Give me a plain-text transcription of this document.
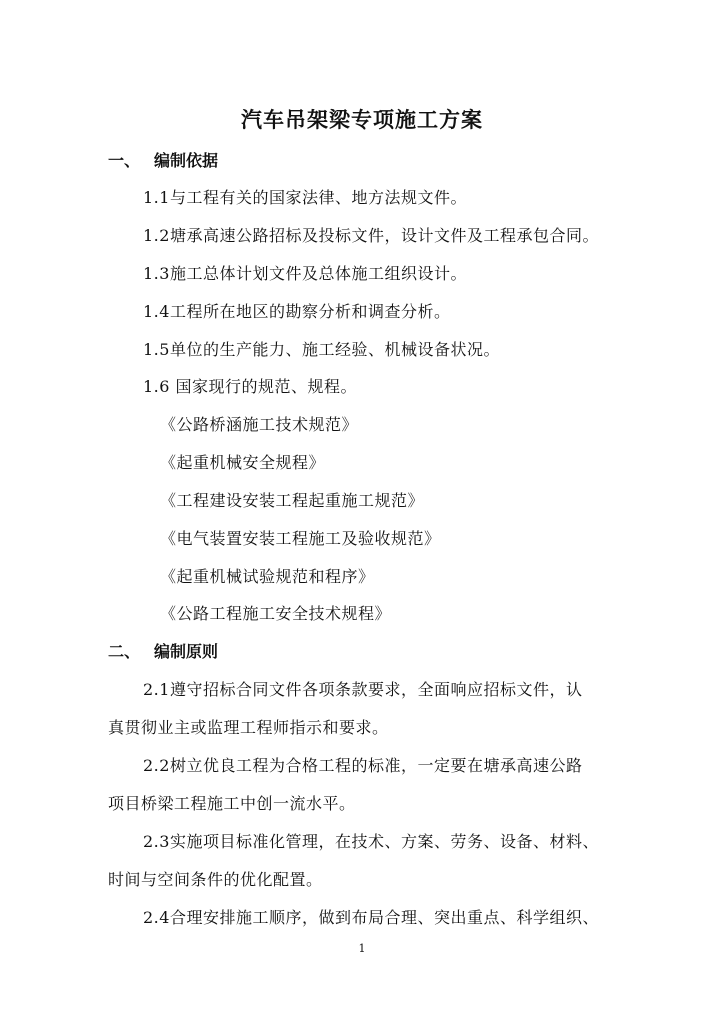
汽车吊架梁专项施工方案
一、 编制依据
1.1与工程有关的国家法律、地方法规文件。
1.2塘承高速公路招标及投标文件，设计文件及工程承包合同。
1.3施工总体计划文件及总体施工组织设计。
1.4工程所在地区的勘察分析和调查分析。
1.5单位的生产能力、施工经验、机械设备状况。
1.6 国家现行的规范、规程。
《公路桥涵施工技术规范》
《起重机械安全规程》
《工程建设安装工程起重施工规范》
《电气装置安装工程施工及验收规范》
《起重机械试验规范和程序》
《公路工程施工安全技术规程》
二、 编制原则
2.1遵守招标合同文件各项条款要求，全面响应招标文件，认
真贯彻业主或监理工程师指示和要求。
2.2树立优良工程为合格工程的标准，一定要在塘承高速公路
项目桥梁工程施工中创一流水平。
2.3实施项目标准化管理，在技术、方案、劳务、设备、材料、
时间与空间条件的优化配置。
2.4合理安排施工顺序，做到布局合理、突出重点、科学组织、
1
